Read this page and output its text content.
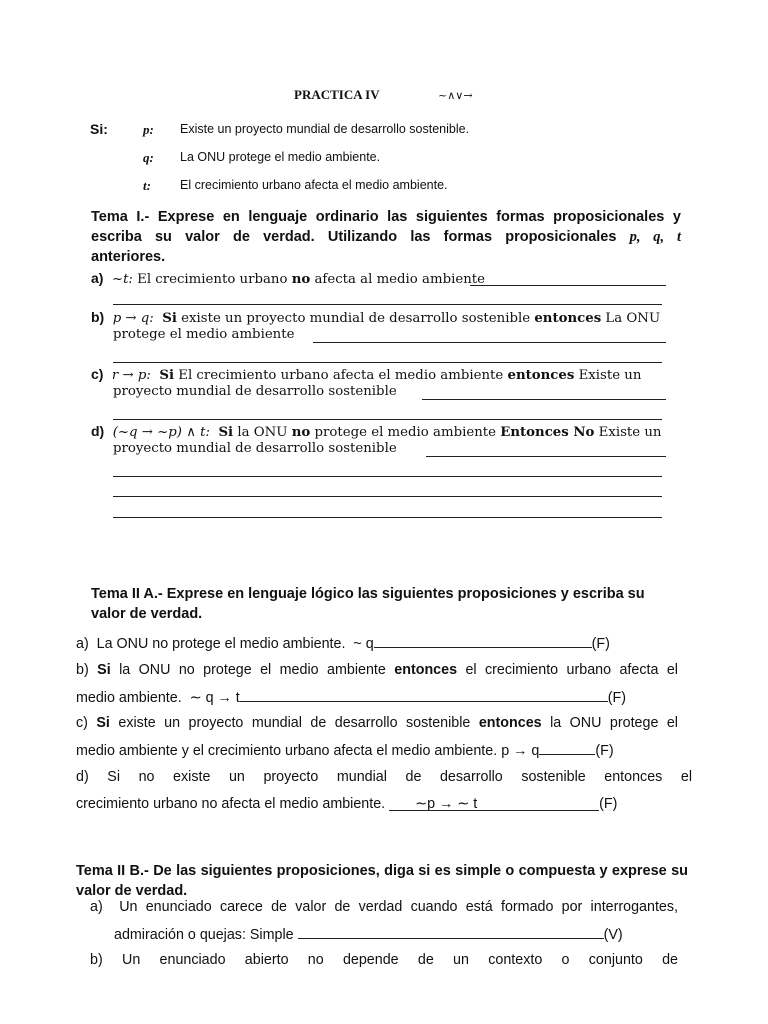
PRACTICA IV	~∧∨→
Si:	p: Existe un proyecto mundial de desarrollo sostenible.
q: La ONU protege el medio ambiente.
t: El crecimiento urbano afecta el medio ambiente.
Tema I.- Exprese en lenguaje ordinario las siguientes formas proposicionales y escriba su valor de verdad. Utilizando las formas proposicionales p, q, t
anteriores.
a) ~t: El crecimiento urbano no afecta al medio ambiente
b) p → q: Si existe un proyecto mundial de desarrollo sostenible entonces La ONU
protege el medio ambiente
c) r → p: Si El crecimiento urbano afecta el medio ambiente entonces Existe un
proyecto mundial de desarrollo sostenible
d) (~q → ~p) ∧ t: Si la ONU no protege el medio ambiente Entonces No Existe un
proyecto mundial de desarrollo sostenible
Tema II A.- Exprese en lenguaje lógico las siguientes proposiciones y escriba su valor de verdad.
a) La ONU no protege el medio ambiente. ~ q	(F)
b) Si la ONU no protege el medio ambiente entonces el crecimiento urbano afecta el
medio ambiente. ∼ q → t	(F)
c) Si existe un proyecto mundial de desarrollo sostenible entonces la ONU protege el
medio ambiente y el crecimiento urbano afecta el medio ambiente. p → q	(F)
d) Si no existe un proyecto mundial de desarrollo sostenible entonces el
crecimiento urbano no afecta el medio ambiente. ∼p → ∼ t	(F)
Tema II B.- De las siguientes proposiciones, diga si es simple o compuesta y exprese su valor de verdad.
a) Un enunciado carece de valor de verdad cuando está formado por interrogantes,
admiración o quejas: Simple	(V)
b) Un enunciado abierto no depende de un contexto o conjunto de
